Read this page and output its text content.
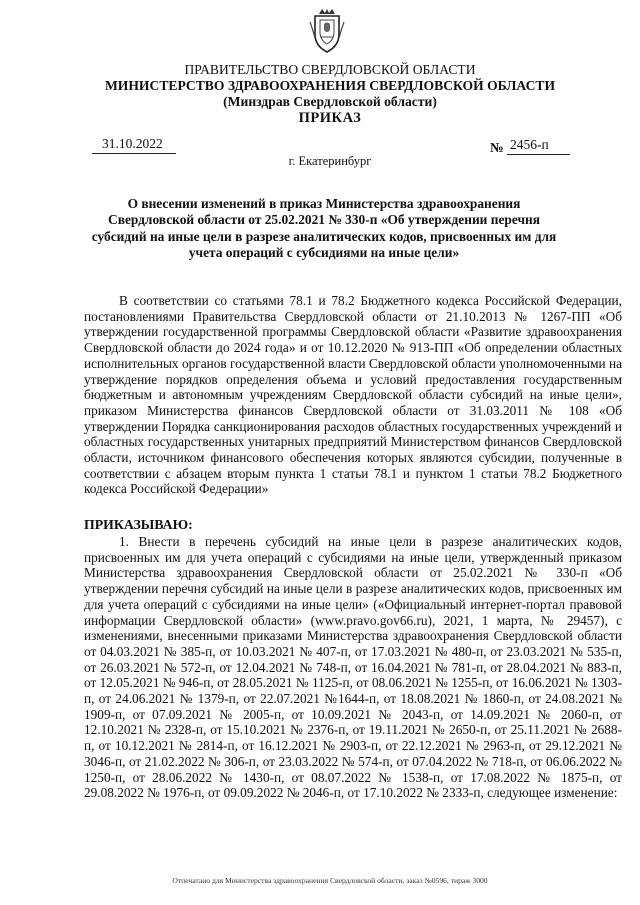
ПРАВИТЕЛЬСТВО СВЕРДЛОВСКОЙ ОБЛАСТИ
МИНИСТЕРСТВО ЗДРАВООХРАНЕНИЯ СВЕРДЛОВСКОЙ ОБЛАСТИ
(Минздрав Свердловской области)
ПРИКАЗ
31.10.2022	№ 2456-п
г. Екатеринбург
О внесении изменений в приказ Министерства здравоохранения Свердловской области от 25.02.2021 № 330-п «Об утверждении перечня субсидий на иные цели в разрезе аналитических кодов, присвоенных им для учета операций с субсидиями на иные цели»
В соответствии со статьями 78.1 и 78.2 Бюджетного кодекса Российской Федерации, постановлениями Правительства Свердловской области от 21.10.2013 № 1267-ПП «Об утверждении государственной программы Свердловской области «Развитие здравоохранения Свердловской области до 2024 года» и от 10.12.2020 № 913-ПП «Об определении областных исполнительных органов государственной власти Свердловской области уполномоченными на утверждение порядков определения объема и условий предоставления государственным бюджетным и автономным учреждениям Свердловской области субсидий на иные цели», приказом Министерства финансов Свердловской области от 31.03.2011 № 108 «Об утверждении Порядка санкционирования расходов областных государственных учреждений и областных государственных унитарных предприятий Министерством финансов Свердловской области, источником финансового обеспечения которых являются субсидии, полученные в соответствии с абзацем вторым пункта 1 статьи 78.1 и пунктом 1 статьи 78.2 Бюджетного кодекса Российской Федерации»
ПРИКАЗЫВАЮ:
1. Внести в перечень субсидий на иные цели в разрезе аналитических кодов, присвоенных им для учета операций с субсидиями на иные цели, утвержденный приказом Министерства здравоохранения Свердловской области от 25.02.2021 № 330-п «Об утверждении перечня субсидий на иные цели в разрезе аналитических кодов, присвоенных им для учета операций с субсидиями на иные цели» («Официальный интернет-портал правовой информации Свердловской области» (www.pravo.gov66.ru), 2021, 1 марта, № 29457), с изменениями, внесенными приказами Министерства здравоохранения Свердловской области от 04.03.2021 № 385-п, от 10.03.2021 № 407-п, от 17.03.2021 № 480-п, от 23.03.2021 № 535-п, от 26.03.2021 № 572-п, от 12.04.2021 № 748-п, от 16.04.2021 № 781-п, от 28.04.2021 № 883-п, от 12.05.2021 № 946-п, от 28.05.2021 № 1125-п, от 08.06.2021 № 1255-п, от 16.06.2021 № 1303-п, от 24.06.2021 № 1379-п, от 22.07.2021 №1644-п, от 18.08.2021 № 1860-п, от 24.08.2021 № 1909-п, от 07.09.2021 № 2005-п, от 10.09.2021 № 2043-п, от 14.09.2021 № 2060-п, от 12.10.2021 № 2328-п, от 15.10.2021 № 2376-п, от 19.11.2021 № 2650-п, от 25.11.2021 № 2688-п, от 10.12.2021 № 2814-п, от 16.12.2021 № 2903-п, от 22.12.2021 № 2963-п, от 29.12.2021 № 3046-п, от 21.02.2022 № 306-п, от 23.03.2022 № 574-п, от 07.04.2022 № 718-п, от 06.06.2022 № 1250-п, от 28.06.2022 № 1430-п, от 08.07.2022 № 1538-п, от 17.08.2022 № 1875-п, от 29.08.2022 № 1976-п, от 09.09.2022 № 2046-п, от 17.10.2022 № 2333-п, следующее изменение:
Отпечатано для Министерства здравоохранения Свердловской области, заказ №0596, тираж 3000
